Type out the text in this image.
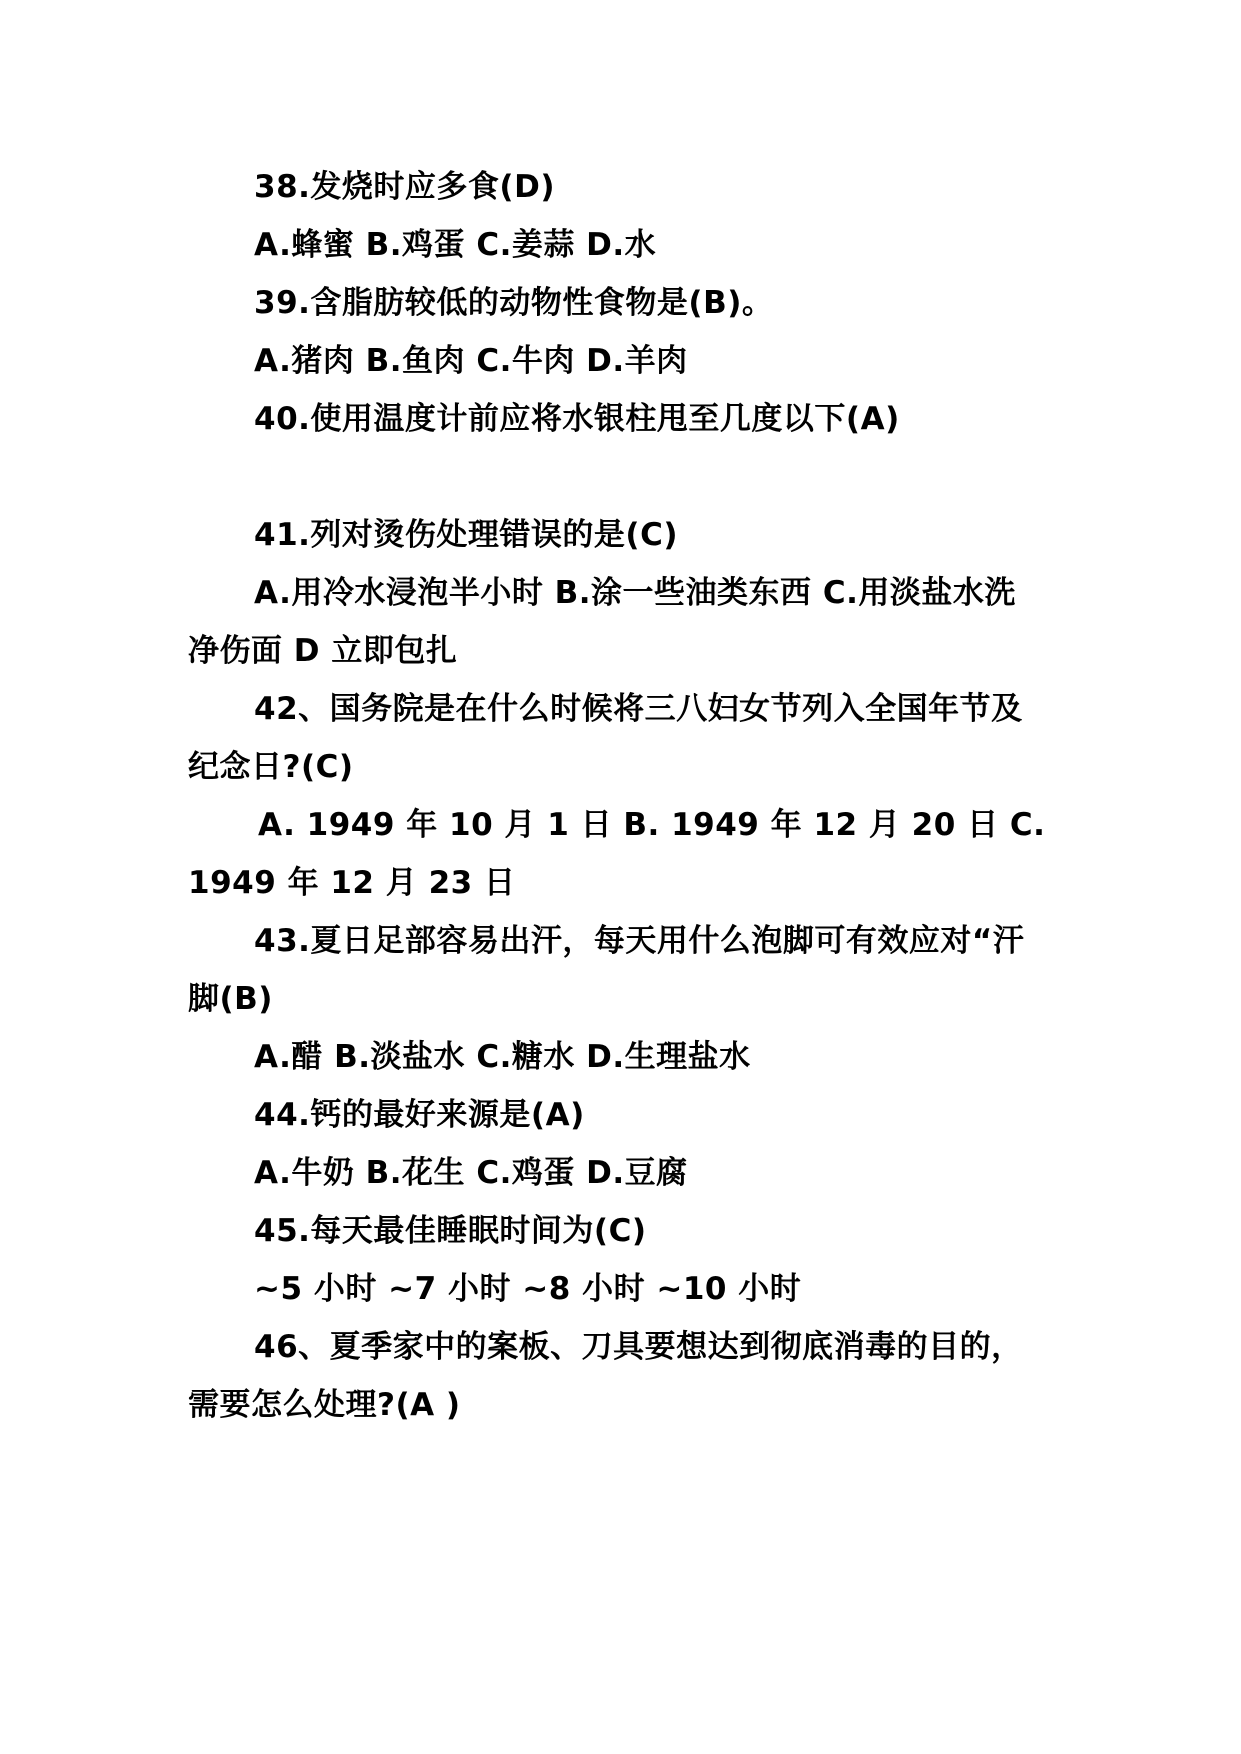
38.发烧时应多食(D)
A.蜂蜜 B.鸡蛋 C.姜蒜 D.水
39.含脂肪较低的动物性食物是(B)。
A.猪肉 B.鱼肉 C.牛肉 D.羊肉
40.使用温度计前应将水银柱甩至几度以下(A)
41.列对烫伤处理错误的是(C)
A.用冷水浸泡半小时 B.涂一些油类东西 C.用淡盐水洗
净伤面 D 立即包扎
42、国务院是在什么时候将三八妇女节列入全国年节及
纪念日?(C)
A. 1949 年 10 月 1 日 B. 1949 年 12 月 20 日 C.
1949 年 12 月 23 日
43.夏日足部容易出汗，每天用什么泡脚可有效应对“汗
脚(B)
A.醋 B.淡盐水 C.糖水 D.生理盐水
44.钙的最好来源是(A)
A.牛奶 B.花生 C.鸡蛋 D.豆腐
45.每天最佳睡眠时间为(C)
~5 小时 ~7 小时 ~8 小时 ~10 小时
46、夏季家中的案板、刀具要想达到彻底消毒的目的，
需要怎么处理?(A )
